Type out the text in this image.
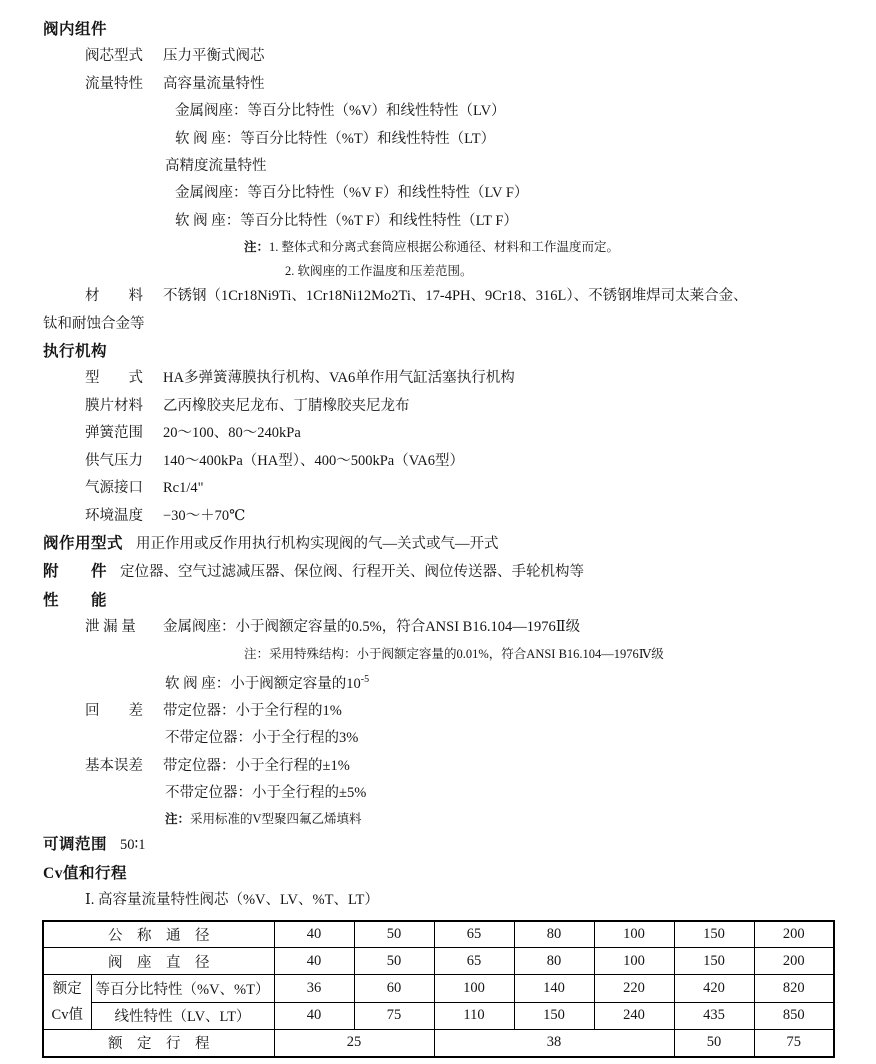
阀内组件
阀芯型式 压力平衡式阀芯
流量特性 高容量流量特性
金属阀座：等百分比特性（%V）和线性特性（LV）
软 阀 座：等百分比特性（%T）和线性特性（LT）
高精度流量特性
金属阀座：等百分比特性（%V F）和线性特性（LV F）
软 阀 座：等百分比特性（%T F）和线性特性（LT F）
注：1. 整体式和分离式套筒应根据公称通径、材料和工作温度而定。
2. 软阀座的工作温度和压差范围。
材　　料 不锈钢（1Cr18Ni9Ti、1Cr18Ni12Mo2Ti、17-4PH、9Cr18、316L）、不锈钢堆焊司太莱合金、
钛和耐蚀合金等
执行机构
型　　式 HA多弹簧薄膜执行机构、VA6单作用气缸活塞执行机构
膜片材料 乙丙橡胶夹尼龙布、丁腈橡胶夹尼龙布
弹簧范围 20～100、80～240kPa
供气压力 140～400kPa（HA型）、400～500kPa（VA6型）
气源接口 Rc1/4"
环境温度 −30～＋70℃
阀作用型式 用正作用或反作用执行机构实现阀的气—关式或气—开式
附　　件 定位器、空气过滤减压器、保位阀、行程开关、阀位传送器、手轮机构等
性　　能
泄 漏 量 金属阀座：小于阀额定容量的0.5%，符合ANSI B16.104—1976Ⅱ级
注：采用特殊结构：小于阀额定容量的0.01%，符合ANSI B16.104—1976Ⅳ级
软 阀 座：小于阀额定容量的$10^{-5}$
回　　差 带定位器：小于全行程的1%
不带定位器：小于全行程的3%
基本误差 带定位器：小于全行程的±1%
不带定位器：小于全行程的±5%
注：采用标准的V型聚四氟乙烯填料
可调范围 50∶1
Cv值和行程
Ⅰ. 高容量流量特性阀芯（%V、LV、%T、LT）
公　称　通　径		40	50	65	80	100	150	200
阀　座　直　径		40	50	65	80	100	150	200

额定
Cv值	等百分比特性（%V、%T）	36	60	100	140	220	420	820
	线性特性（LV、LT）	40	75	110	150	240	435	850
额　定　行　程		25		38			50	75
